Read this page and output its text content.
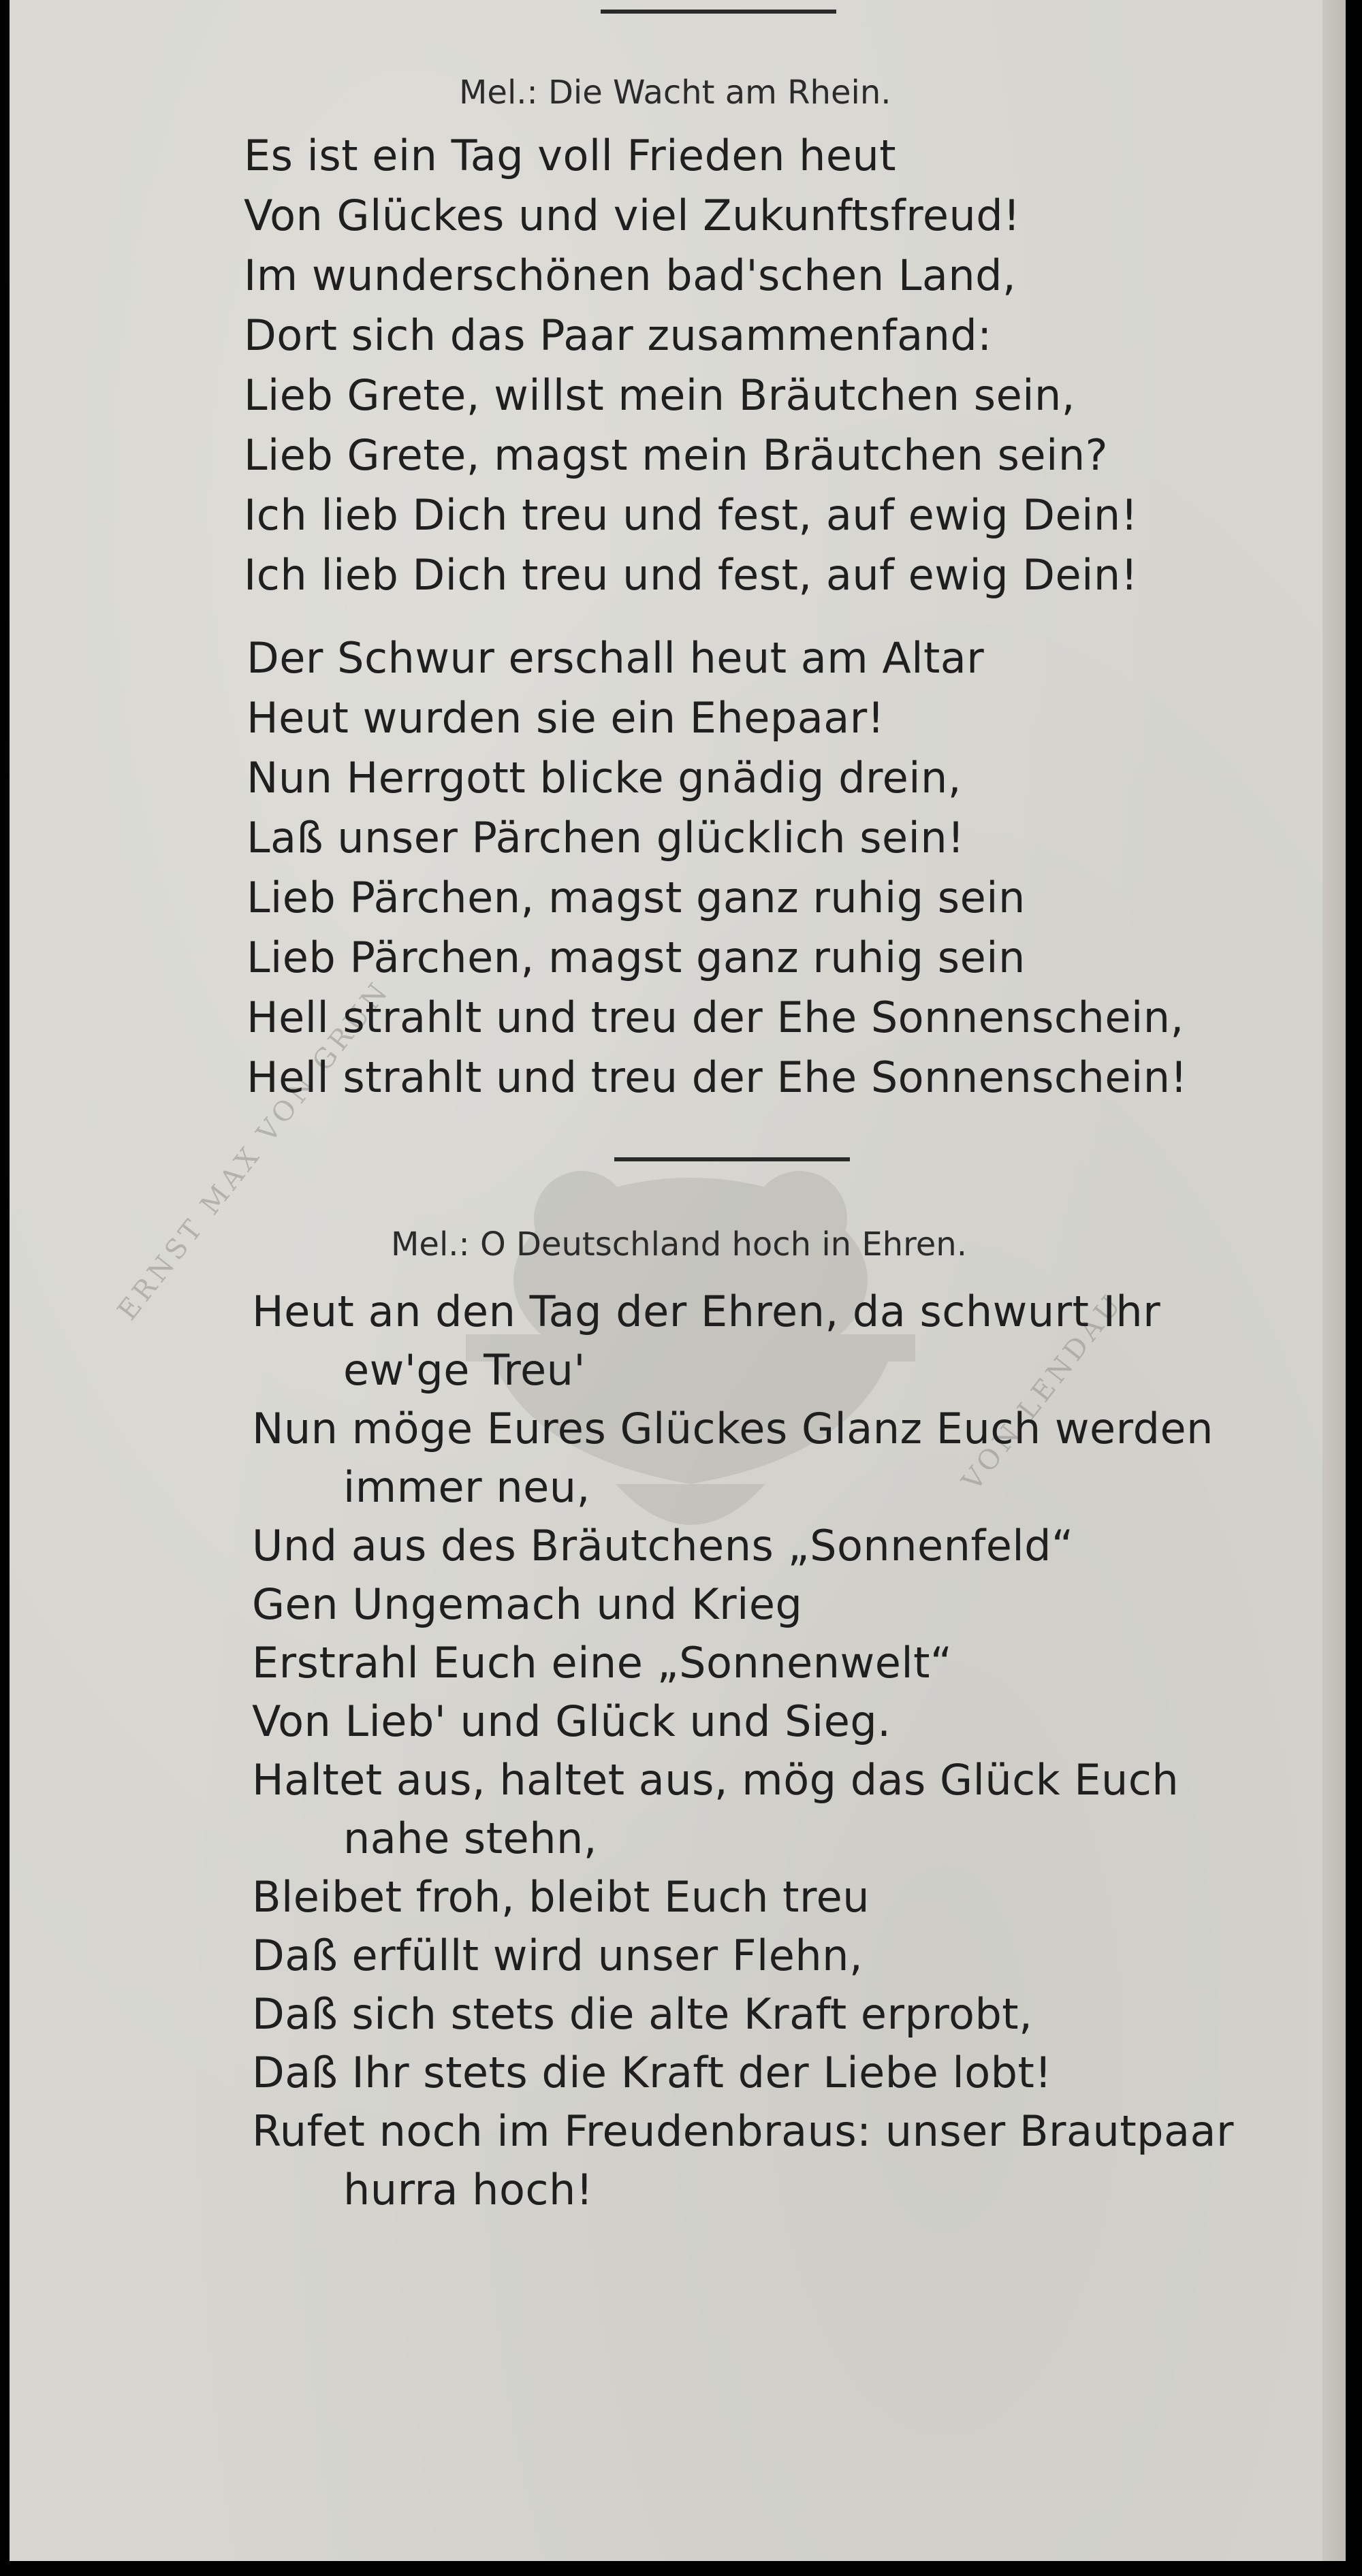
ERNST MAX VON GRUN
VON LENDAU
Mel.: Die Wacht am Rhein.
Es ist ein Tag voll Frieden heut
Von Glückes und viel Zukunftsfreud!
Im wunderschönen bad'schen Land,
Dort sich das Paar zusammenfand:
Lieb Grete, willst mein Bräutchen sein,
Lieb Grete, magst mein Bräutchen sein?
Ich lieb Dich treu und fest, auf ewig Dein!
Ich lieb Dich treu und fest, auf ewig Dein!
Der Schwur erschall heut am Altar
Heut wurden sie ein Ehepaar!
Nun Herrgott blicke gnädig drein,
Laß unser Pärchen glücklich sein!
Lieb Pärchen, magst ganz ruhig sein
Lieb Pärchen, magst ganz ruhig sein
Hell strahlt und treu der Ehe Sonnenschein,
Hell strahlt und treu der Ehe Sonnenschein!
Mel.: O Deutschland hoch in Ehren.
Heut an den Tag der Ehren, da schwurt Ihr
ew'ge Treu'
Nun möge Eures Glückes Glanz Euch werden
immer neu,
Und aus des Bräutchens „Sonnenfeld“
Gen Ungemach und Krieg
Erstrahl Euch eine „Sonnenwelt“
Von Lieb' und Glück und Sieg.
Haltet aus, haltet aus, mög das Glück Euch
nahe stehn,
Bleibet froh, bleibt Euch treu
Daß erfüllt wird unser Flehn,
Daß sich stets die alte Kraft erprobt,
Daß Ihr stets die Kraft der Liebe lobt!
Rufet noch im Freudenbraus: unser Brautpaar
hurra hoch!
